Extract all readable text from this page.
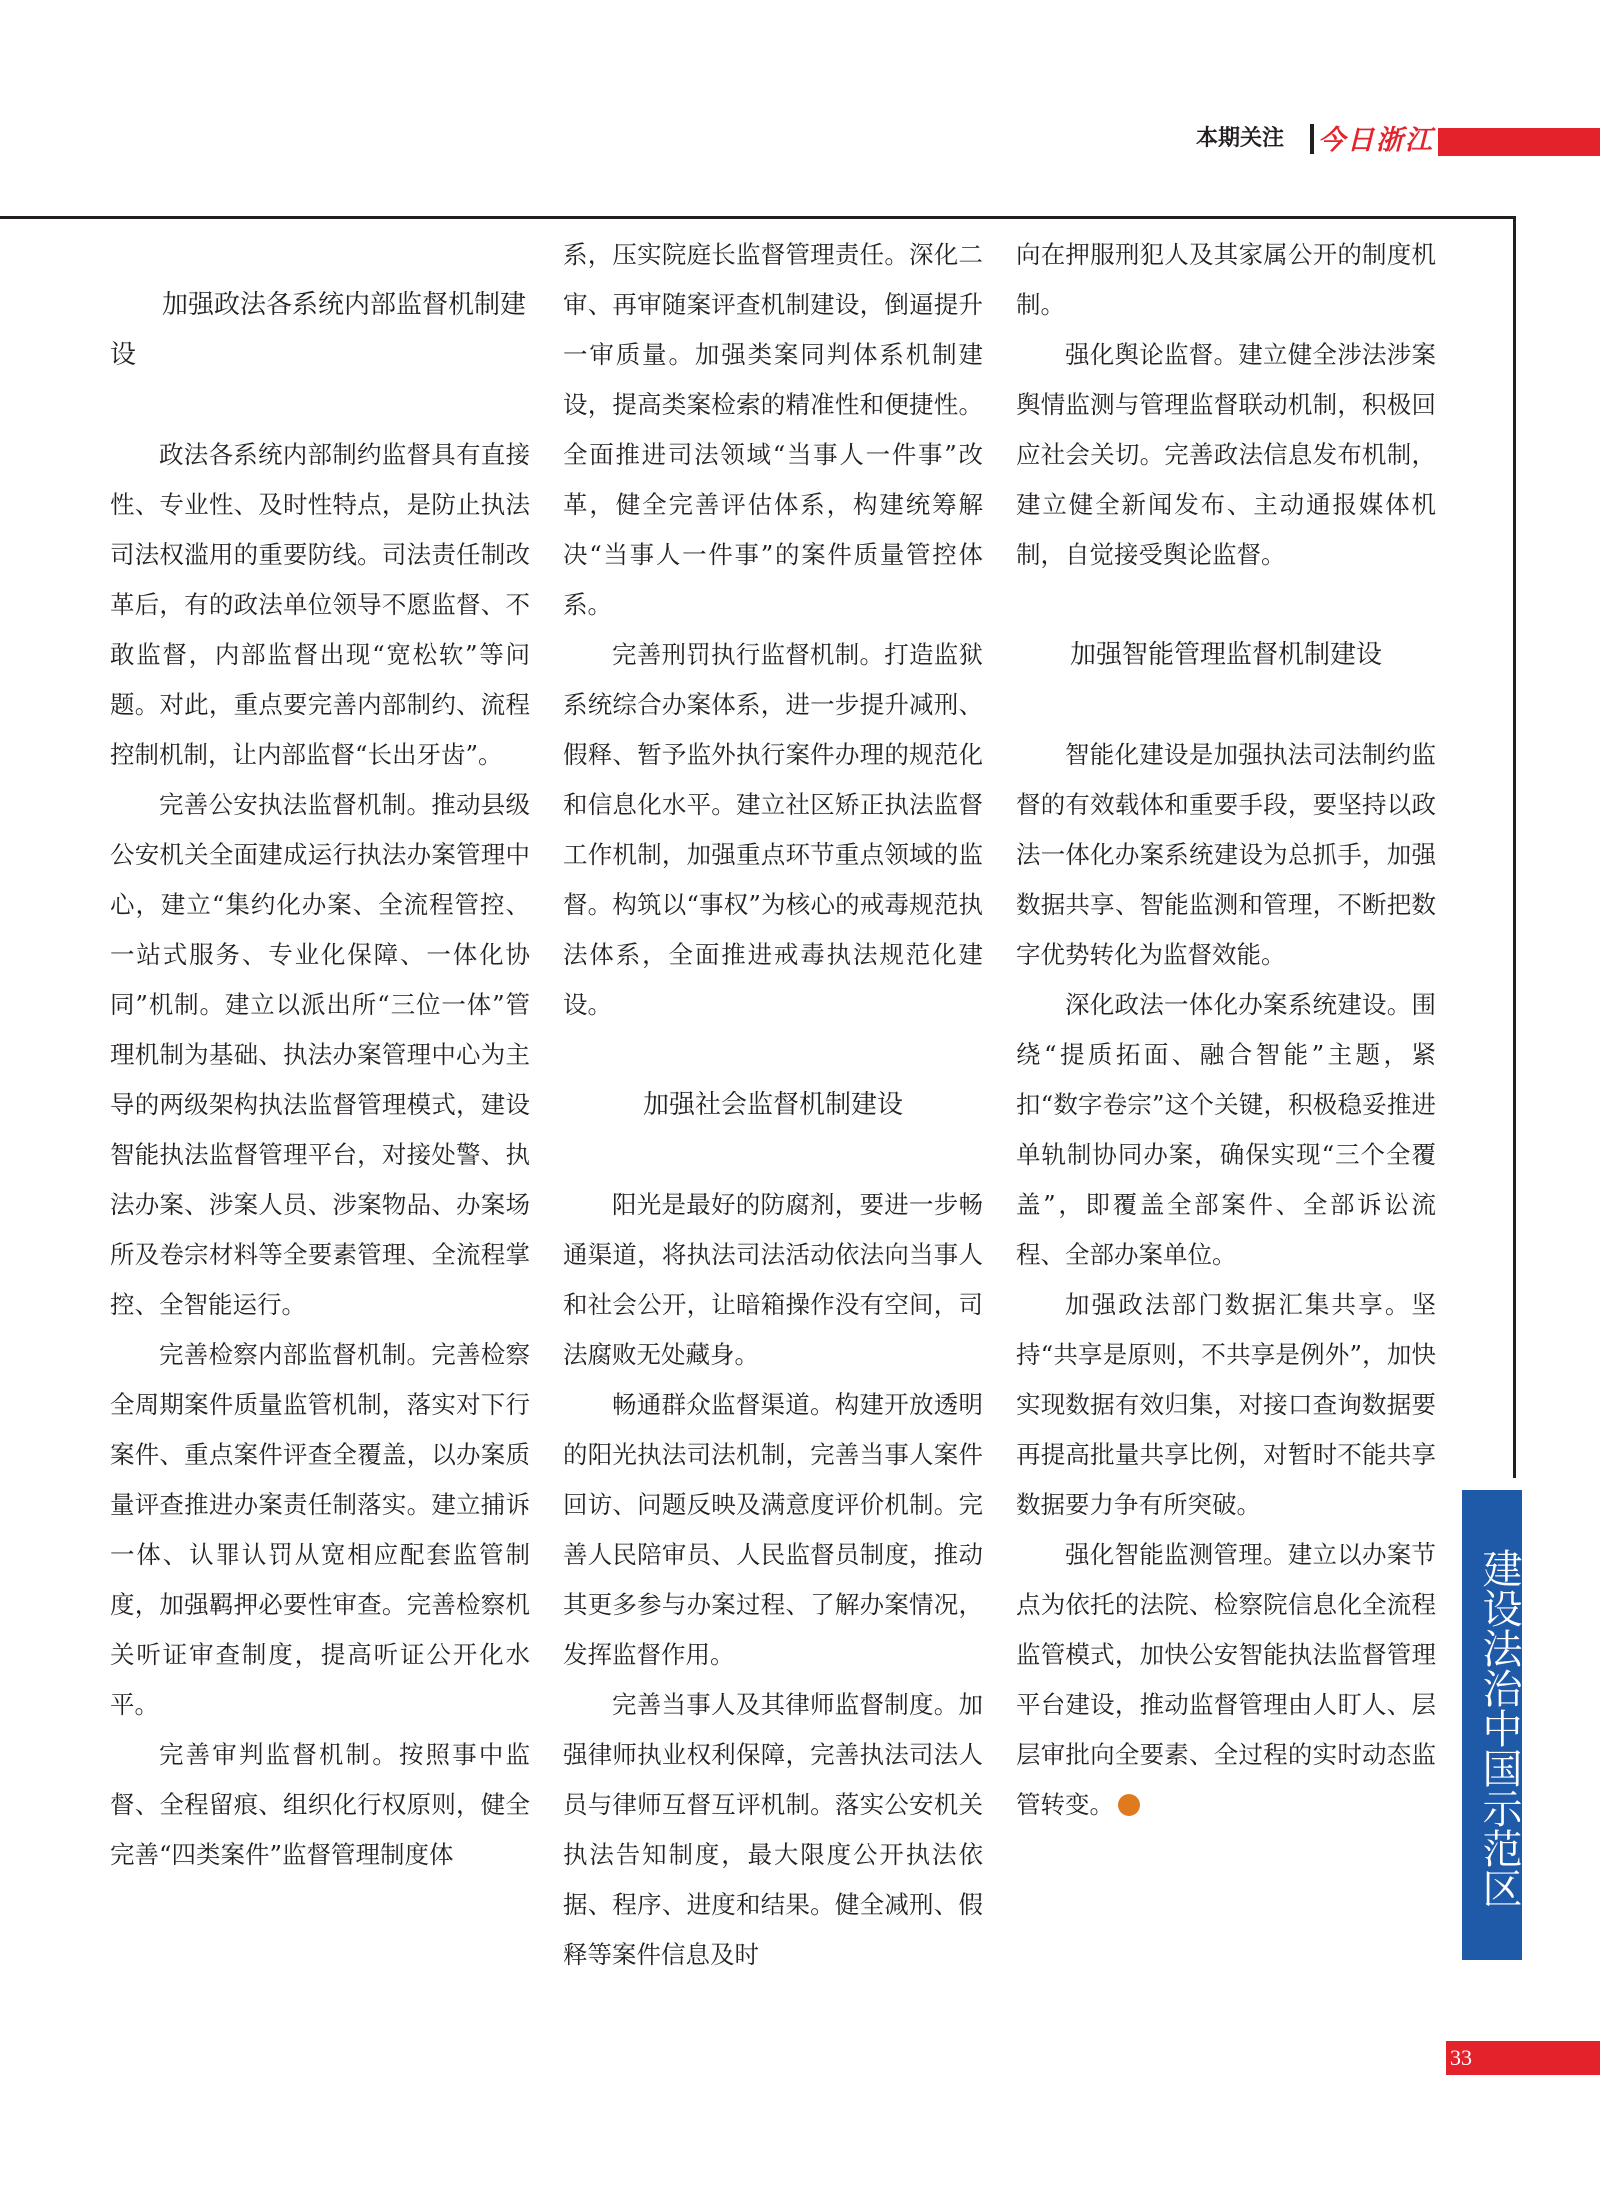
本期关注	今日浙江
加强政法各系统内部监督机制建设

政法各系统内部制约监督具有直接性、专业性、及时性特点，是防止执法司法权滥用的重要防线。司法责任制改革后，有的政法单位领导不愿监督、不敢监督，内部监督出现“宽松软”等问题。对此，重点要完善内部制约、流程控制机制，让内部监督“长出牙齿”。

完善公安执法监督机制。推动县级公安机关全面建成运行执法办案管理中心，建立“集约化办案、全流程管控、一站式服务、专业化保障、一体化协同”机制。建立以派出所“三位一体”管理机制为基础、执法办案管理中心为主导的两级架构执法监督管理模式，建设智能执法监督管理平台，对接处警、执法办案、涉案人员、涉案物品、办案场所及卷宗材料等全要素管理、全流程掌控、全智能运行。

完善检察内部监督机制。完善检察全周期案件质量监管机制，落实对下行案件、重点案件评查全覆盖，以办案质量评查推进办案责任制落实。建立捕诉一体、认罪认罚从宽相应配套监管制度，加强羁押必要性审查。完善检察机关听证审查制度，提高听证公开化水平。

完善审判监督机制。按照事中监督、全程留痕、组织化行权原则，健全完善“四类案件”监督管理制度体

系，压实院庭长监督管理责任。深化二审、再审随案评查机制建设，倒逼提升一审质量。加强类案同判体系机制建设，提高类案检索的精准性和便捷性。全面推进司法领域“当事人一件事”改革，健全完善评估体系，构建统筹解决“当事人一件事”的案件质量管控体系。

完善刑罚执行监督机制。打造监狱系统综合办案体系，进一步提升减刑、假释、暂予监外执行案件办理的规范化和信息化水平。建立社区矫正执法监督工作机制，加强重点环节重点领域的监督。构筑以“事权”为核心的戒毒规范执法体系，全面推进戒毒执法规范化建设。

加强社会监督机制建设

阳光是最好的防腐剂，要进一步畅通渠道，将执法司法活动依法向当事人和社会公开，让暗箱操作没有空间，司法腐败无处藏身。

畅通群众监督渠道。构建开放透明的阳光执法司法机制，完善当事人案件回访、问题反映及满意度评价机制。完善人民陪审员、人民监督员制度，推动其更多参与办案过程、了解办案情况，发挥监督作用。

完善当事人及其律师监督制度。加强律师执业权利保障，完善执法司法人员与律师互督互评机制。落实公安机关执法告知制度，最大限度公开执法依据、程序、进度和结果。健全减刑、假释等案件信息及时

向在押服刑犯人及其家属公开的制度机制。

强化舆论监督。建立健全涉法涉案舆情监测与管理监督联动机制，积极回应社会关切。完善政法信息发布机制，建立健全新闻发布、主动通报媒体机制，自觉接受舆论监督。

加强智能管理监督机制建设

智能化建设是加强执法司法制约监督的有效载体和重要手段，要坚持以政法一体化办案系统建设为总抓手，加强数据共享、智能监测和管理，不断把数字优势转化为监督效能。

深化政法一体化办案系统建设。围绕“提质拓面、融合智能”主题，紧扣“数字卷宗”这个关键，积极稳妥推进单轨制协同办案，确保实现“三个全覆盖”，即覆盖全部案件、全部诉讼流程、全部办案单位。

加强政法部门数据汇集共享。坚持“共享是原则，不共享是例外”，加快实现数据有效归集，对接口查询数据要再提高批量共享比例，对暂时不能共享数据要力争有所突破。

强化智能监测管理。建立以办案节点为依托的法院、检察院信息化全流程监管模式，加快公安智能执法监督管理平台建设，推动监督管理由人盯人、层层审批向全要素、全过程的实时动态监管转变。	建设法治中国示范区
33
